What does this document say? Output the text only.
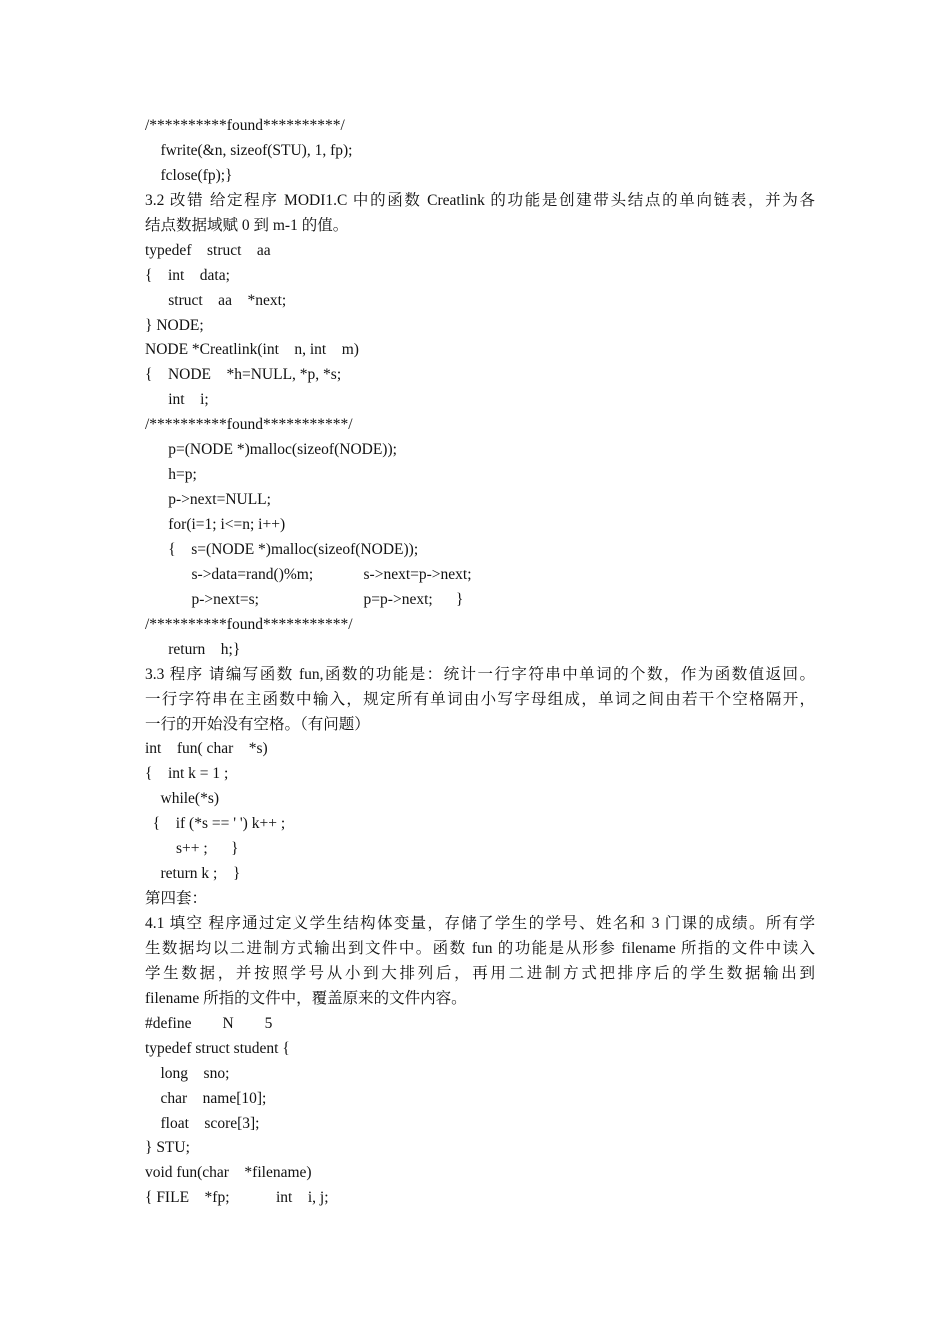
/**********found**********/
fwrite(&n, sizeof(STU), 1, fp);
fclose(fp);}
3.2 改错 给定程序 MODI1.C 中的函数 Creatlink 的功能是创建带头结点的单向链表，并为各
结点数据域赋 0 到 m-1 的值。
typedef    struct    aa
{    int    data;
struct    aa    *next;
} NODE;
NODE *Creatlink(int    n, int    m)
{    NODE    *h=NULL, *p, *s;
int    i;
/**********found***********/
p=(NODE *)malloc(sizeof(NODE));
h=p;
p->next=NULL;
for(i=1; i<=n; i++)
{    s=(NODE *)malloc(sizeof(NODE));
s->data=rand()%m;             s->next=p->next;
p->next=s;                           p=p->next;      }
/**********found***********/
return    h;}
3.3 程序 请编写函数 fun,函数的功能是：统计一行字符串中单词的个数，作为函数值返回。
一行字符串在主函数中输入，规定所有单词由小写字母组成，单词之间由若干个空格隔开，
一行的开始没有空格。（有问题）
int    fun( char    *s)
{    int k = 1 ;
while(*s)
{    if (*s == ' ') k++ ;
s++ ;      }
return k ;    }
第四套：
4.1 填空 程序通过定义学生结构体变量，存储了学生的学号、姓名和 3 门课的成绩。所有学
生数据均以二进制方式输出到文件中。函数 fun 的功能是从形参 filename 所指的文件中读入
学生数据，并按照学号从小到大排列后，再用二进制方式把排序后的学生数据输出到
filename 所指的文件中，覆盖原来的文件内容。
#define        N        5
typedef struct student {
long    sno;
char    name[10];
float    score[3];
} STU;
void fun(char    *filename)
{ FILE    *fp;            int    i, j;
